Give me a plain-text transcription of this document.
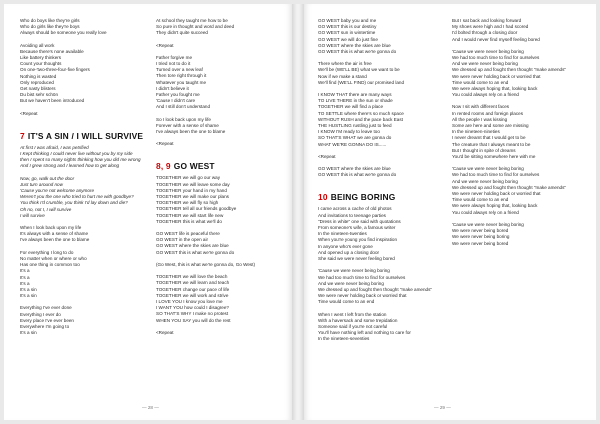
Who do boys like they're girls
Who do girls like they're boys
Always should be someone you really love
Avoiding all work
Because there's none available
Like battery thinkers
Count your thoughts
On one-'two-three-four-five fingers
Nothing is wasted
Only reproduced
Get nasty blisters
Du bist sehr schön
But we haven't been introduced
<Repeat
7 IT'S A SIN / I WILL SURVIVE
At first I was afraid, I was petrified
I Kept thinking I could never live without you by my side
then I spent so many nights thinking how you did me wrong
And I grew strong and I learned how to get along
Now, go, walk out the door
Just turn around now
'Cause you're not welcome anymore
Weren't you the one who tried to hurt me with goodbye?
You think I'd crumble, you think I'd lay down and die?
Oh no, not I, I will survive
I will survive
When I look back upon my life
It's always with a sense of shame
I've always been the one to blame
For everything I long to do
No matter when or where or who
Has one thing in common too
It's a
It's a
It's a
It's a sin
It's a sin
Everything I've ever done
Everything I ever do
Every place I've ever been
Everywhere I'm going to
It's a sin
At school they taught me how to be
So pure in thought and word and deed
They didn't quite succeed
<Repeat
Father forgive me
I tried not to do it
Turned over a new leaf
Then tore right through it
Whatever you taught me
I didn't believe it
Father you fought me
'Cause I didn't care
And I still don't understand
So I look back upon my life
Forever with a sense of shame
I've always been the one to blame
<Repeat
8, 9 GO WEST
TOGETHER we will go our way
TOGETHER we will leave some day
TOGETHER your hand in my hand
TOGETHER we will make our plans
TOGETHER we will fly so high
TOGETHER tell all our friends goodbye
TOGETHER we will start life new
TOGETHER this is what we'll do
GO WEST life is peaceful there
GO WEST in the open air
GO WEST where the skies are blue
GO WEST this is what we're gonna do
(Go West, this is what we're gonna do, Go West)
TOGETHER we will love the beach
TOGETHER we will learn and teach
TOGETHER change our pace of life
TOGETHER we will work and strive
I LOVE YOU I know you love me
I WANT YOU how could I disagree?
SO THAT'S WHY I make no protest
WHEN YOU SAY you will do the rest
<Repeat
— 28 —
GO WEST baby you and me
GO WEST this is our destiny
GO WEST sun in wintertime
GO WEST we will do just fine
GO WEST where the skies are blue
GO WEST this is what we're gonna do
There where the air is free
We'll be (WE'LL BE) what we want to be
Now if we make a stand
We'll find (WE'LL FIND) our promised land
I KNOW THAT there are many ways
TO LIVE THERE in the sun or shade
TOGETHER we will find a place
TO SETTLE where there's so much space
WITHOUT RUSH and the pace back East
THE HUSTLING rustling just to feed
I KNOW I'M ready to leave too
SO THAT'S WHAT we are gonna do
WHAT WE'RE GONNA DO IS......
<Repeat
GO WEST where the skies are blue
GO WEST this is what we're gonna do
10 BEING BORING
I came across a cache of old photos
And invitations to teenage parties
"Dress in white" one said with quotations
From someone's wife, a famous writer
In the nineteen-twenties
When you're young you find inspiration
In anyone who's ever gone
And opened up a closing door
She said we were never feeling bored
'Cause we were never being boring
We had too much time to find for ourselves
And we were never being boring
We dressed up and fought then thought "make amends"
We were never holding back or worried that
Time would come to an end
When I went I left from the station
With a haversack and some trepidation
Someone said if you're not careful
You'll have nothing left and nothing to care for
In the nineteen-seventies
But I sat back and looking forward
My shoes were high and I had scored
I'd bolted through a closing door
And I would never find myself feeling bored
'Cause we were never being boring
We had too much time to find for ourselves
And we were never being boring
We dressed up and fought then thought "make amends"
We were never holding back or worried that
Time would come to an end
We were always hoping that, looking back
You could always rely on a friend
Now I sit with different faces
In rented rooms and foreign places
All the people I was kissing
Some are here and some are missing
In the nineteen-nineties
I never dreamt that I would get to be
The creature that I always meant to be
But I thought in spite of dreams
You'd be sitting somewhere here with me
'Cause we were never being boring
We had too much time to find for ourselves
And we were never being boring
We dressed up and fought then thought "make amends"
We were never holding back or worried that
Time would come to an end
We were always hoping that, looking back
You could always rely on a friend
'Cause we were never being boring
We were never being bored
We were never being boring
We were never being bored
— 29 —
